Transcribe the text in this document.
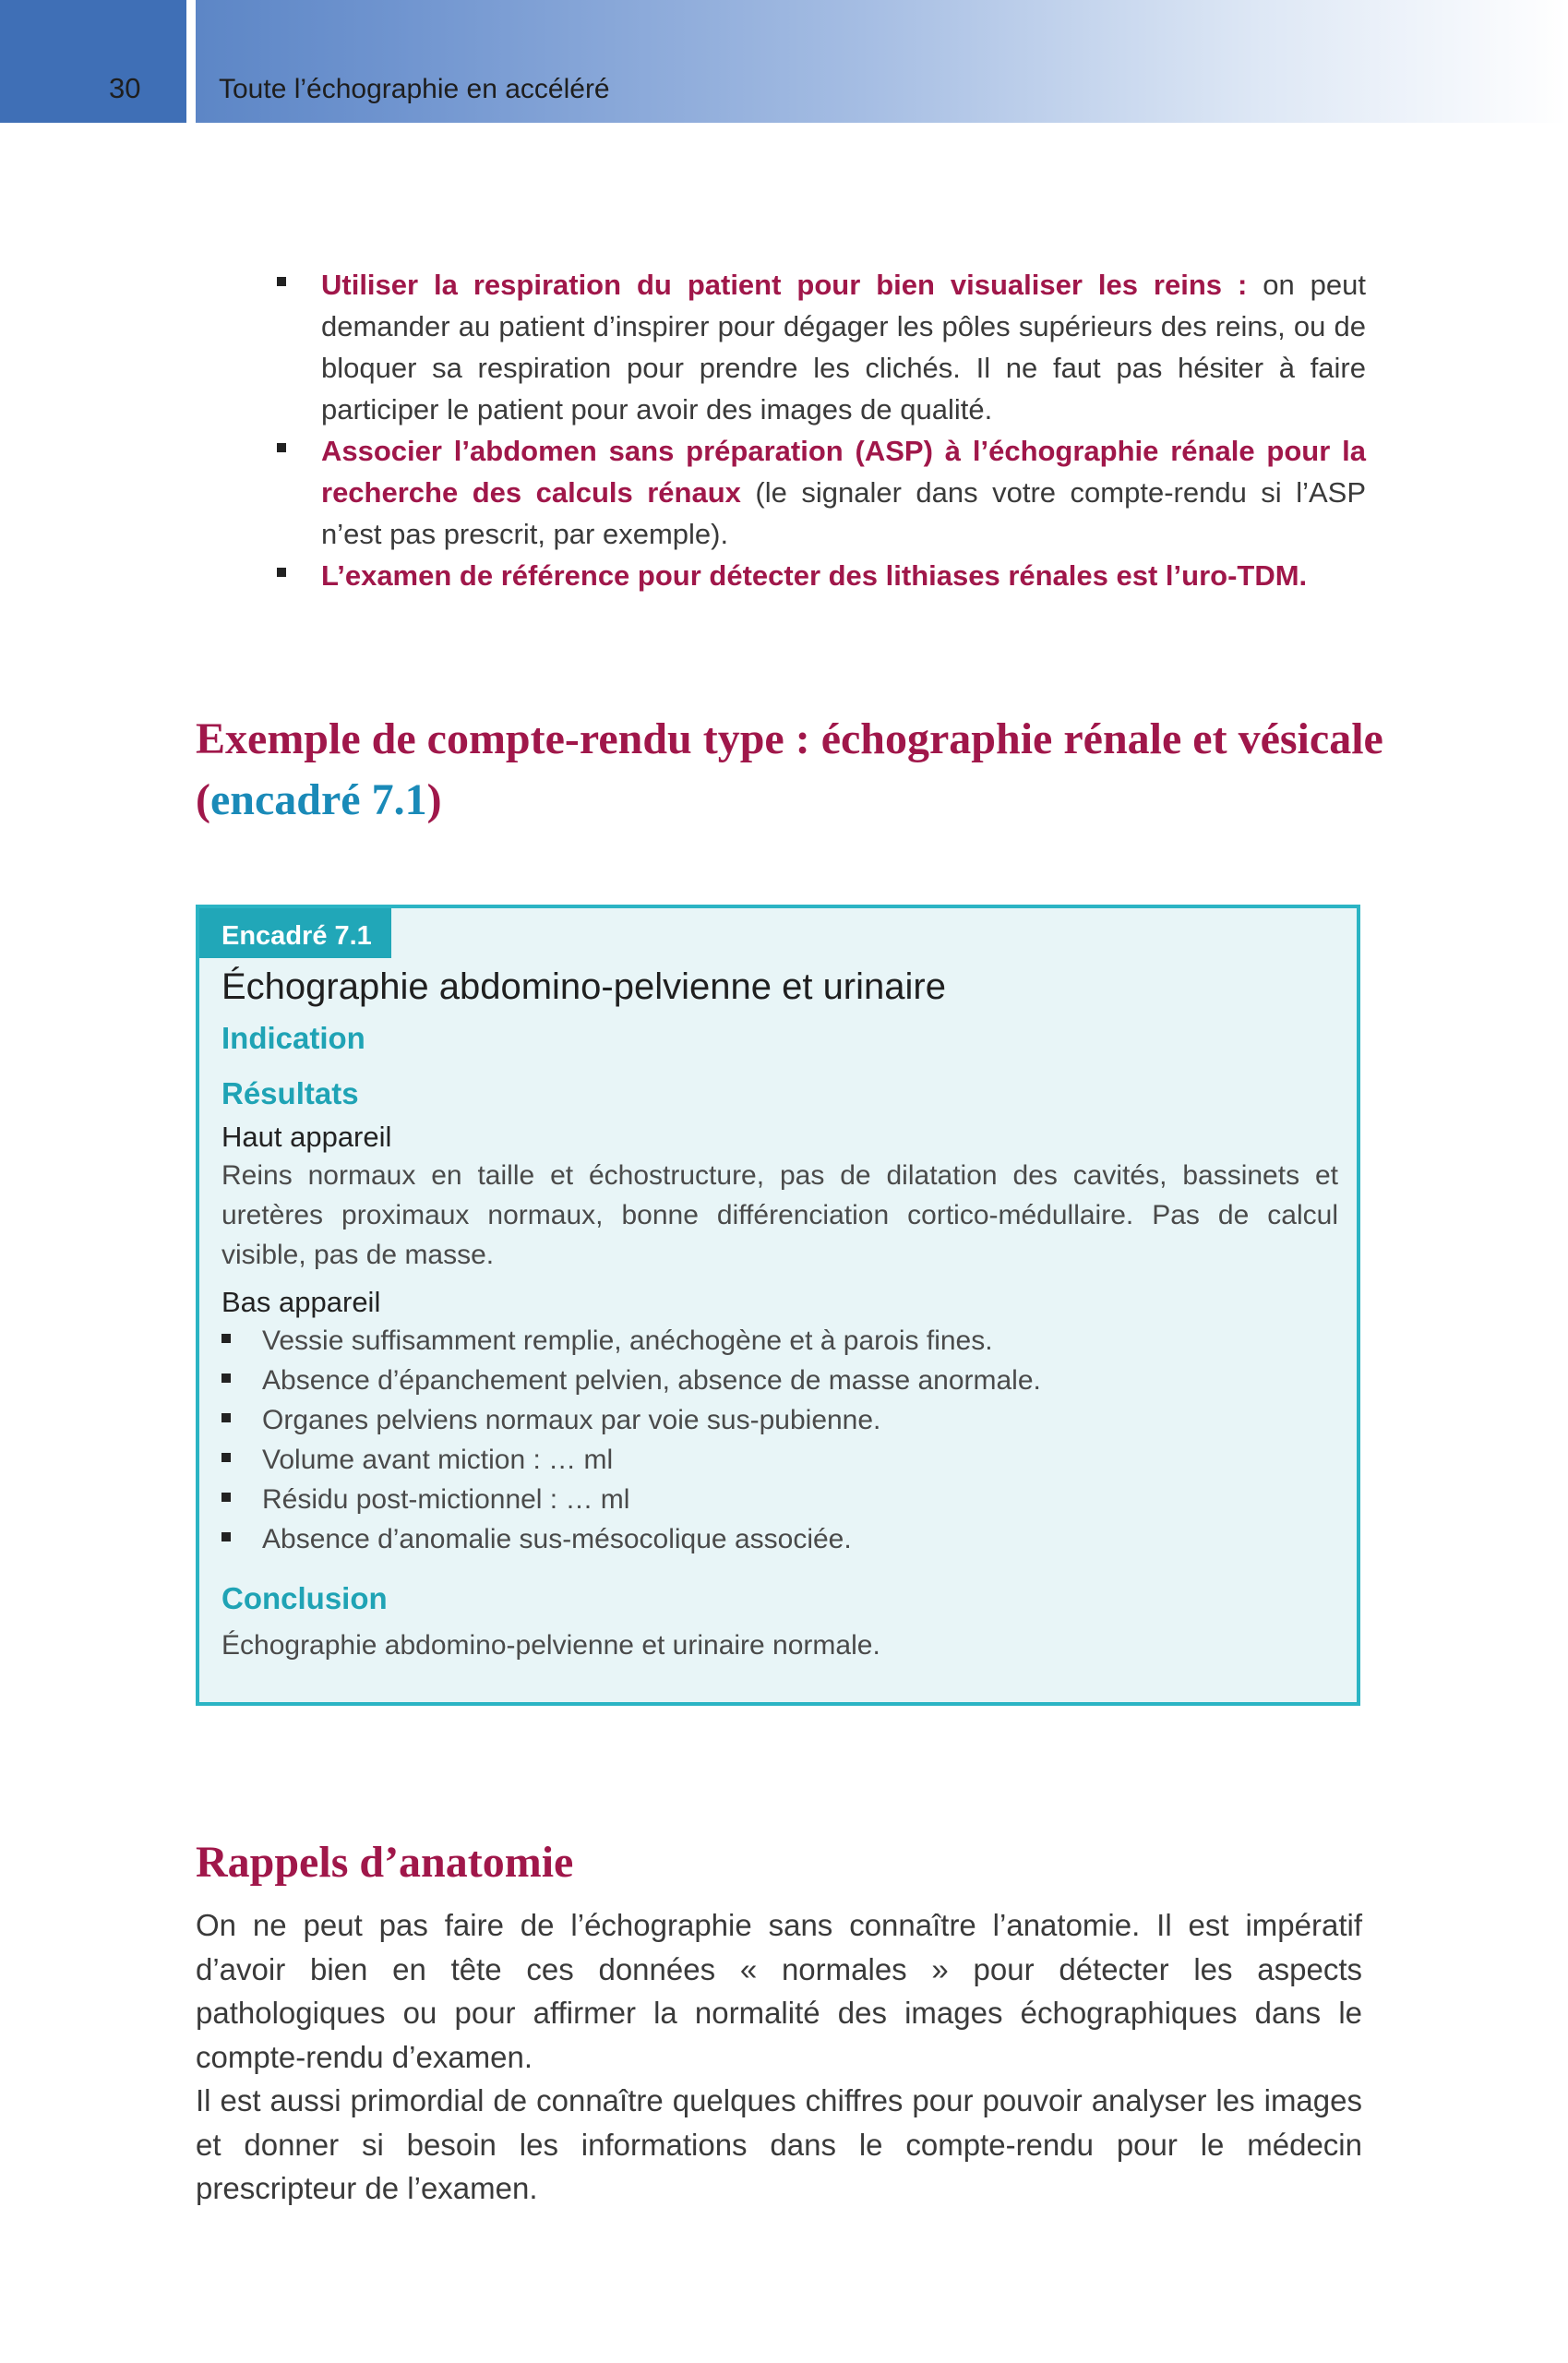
30	Toute l’échographie en accéléré
Utiliser la respiration du patient pour bien visualiser les reins : on peut demander au patient d’inspirer pour dégager les pôles supérieurs des reins, ou de bloquer sa respiration pour prendre les clichés. Il ne faut pas hésiter à faire participer le patient pour avoir des images de qualité.
Associer l’abdomen sans préparation (ASP) à l’échographie rénale pour la recherche des calculs rénaux (le signaler dans votre compte-rendu si l’ASP n’est pas prescrit, par exemple).
L’examen de référence pour détecter des lithiases rénales est l’uro-TDM.
Exemple de compte-rendu type : échographie rénale et vésicale (encadré 7.1)
Encadré 7.1
Échographie abdomino-pelvienne et urinaire
Indication
Résultats
Haut appareil
Reins normaux en taille et échostructure, pas de dilatation des cavités, bassinets et uretères proximaux normaux, bonne différenciation cortico-médullaire. Pas de calcul visible, pas de masse.
Bas appareil
Vessie suffisamment remplie, anéchogène et à parois fines.
Absence d’épanchement pelvien, absence de masse anormale.
Organes pelviens normaux par voie sus-pubienne.
Volume avant miction : … ml
Résidu post-mictionnel : … ml
Absence d’anomalie sus-mésocolique associée.
Conclusion
Échographie abdomino-pelvienne et urinaire normale.
Rappels d’anatomie

On ne peut pas faire de l’échographie sans connaître l’anatomie. Il est impératif d’avoir bien en tête ces données « normales » pour détecter les aspects pathologiques ou pour affirmer la normalité des images échographiques dans le compte-rendu d’examen.

Il est aussi primordial de connaître quelques chiffres pour pouvoir analyser les images et donner si besoin les informations dans le compte-rendu pour le médecin prescripteur de l’examen.
